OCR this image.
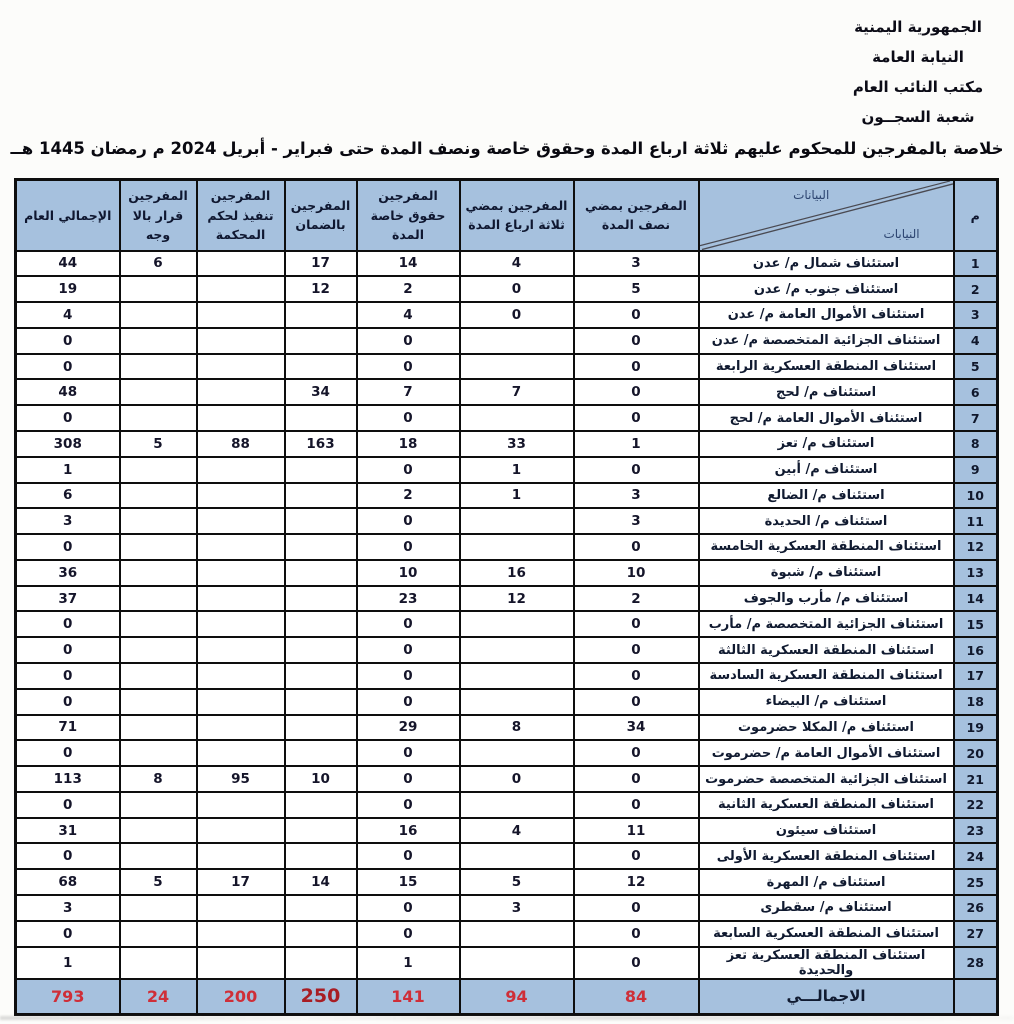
الجمهورية اليمنية
النيابة العامة
مكتب النائب العام
شعبة السجــون
خلاصة بالمفرجين للمحكوم عليهم ثلاثة ارباع المدة وحقوق خاصة ونصف المدة حتى فبراير - أبريل 2024 م رمضان 1445 هــ
م	البيانات
النيابات	المفرجين بمضي نصف المدة	المفرجين بمضي ثلاثة ارباع المدة	المفرجين حقوق خاصة المدة	المفرجين بالضمان	المفرجين تنفيذ لحكم المحكمة	المفرجين قرار بالا وجه	الإجمالي العام
1	استئناف شمال م/ عدن	3	4	14	17		6	44
2	استئناف جنوب م/ عدن	5	0	2	12			19
3	استئناف الأموال العامة م/ عدن	0	0	4				4
4	استئناف الجزائية المتخصصة م/ عدن	0		0				0
5	استئناف المنطقة العسكرية الرابعة	0		0				0
6	استئناف م/ لحج	0	7	7	34			48
7	استئناف الأموال العامة م/ لحج	0		0				0
8	استئناف م/ تعز	1	33	18	163	88	5	308
9	استئناف م/ أبين	0	1	0				1
10	استئناف م/ الضالع	3	1	2				6
11	استئناف م/ الحديدة	3		0				3
12	استئناف المنطقة العسكرية الخامسة	0		0				0
13	استئناف م/ شبوة	10	16	10				36
14	استئناف م/ مأرب والجوف	2	12	23				37
15	استئناف الجزائية المتخصصة م/ مأرب	0		0				0
16	استئناف المنطقة العسكرية الثالثة	0		0				0
17	استئناف المنطقة العسكرية السادسة	0		0				0
18	استئناف م/ البيضاء	0		0				0
19	استئناف م/ المكلا حضرموت	34	8	29				71
20	استئناف الأموال العامة م/ حضرموت	0		0				0
21	استئناف الجزائية المتخصصة حضرموت	0	0	0	10	95	8	113
22	استئناف المنطقة العسكرية الثانية	0		0				0
23	استئناف سيئون	11	4	16				31
24	استئناف المنطقة العسكرية الأولى	0		0				0
25	استئناف م/ المهرة	12	5	15	14	17	5	68
26	استئناف م/ سقطرى	0	3	0				3
27	استئناف المنطقة العسكرية السابعة	0		0				0
28	استئناف المنطقة العسكرية تعز والحديدة	0		1				1
	الاجمالـــي	84	94	141	250	200	24	793
